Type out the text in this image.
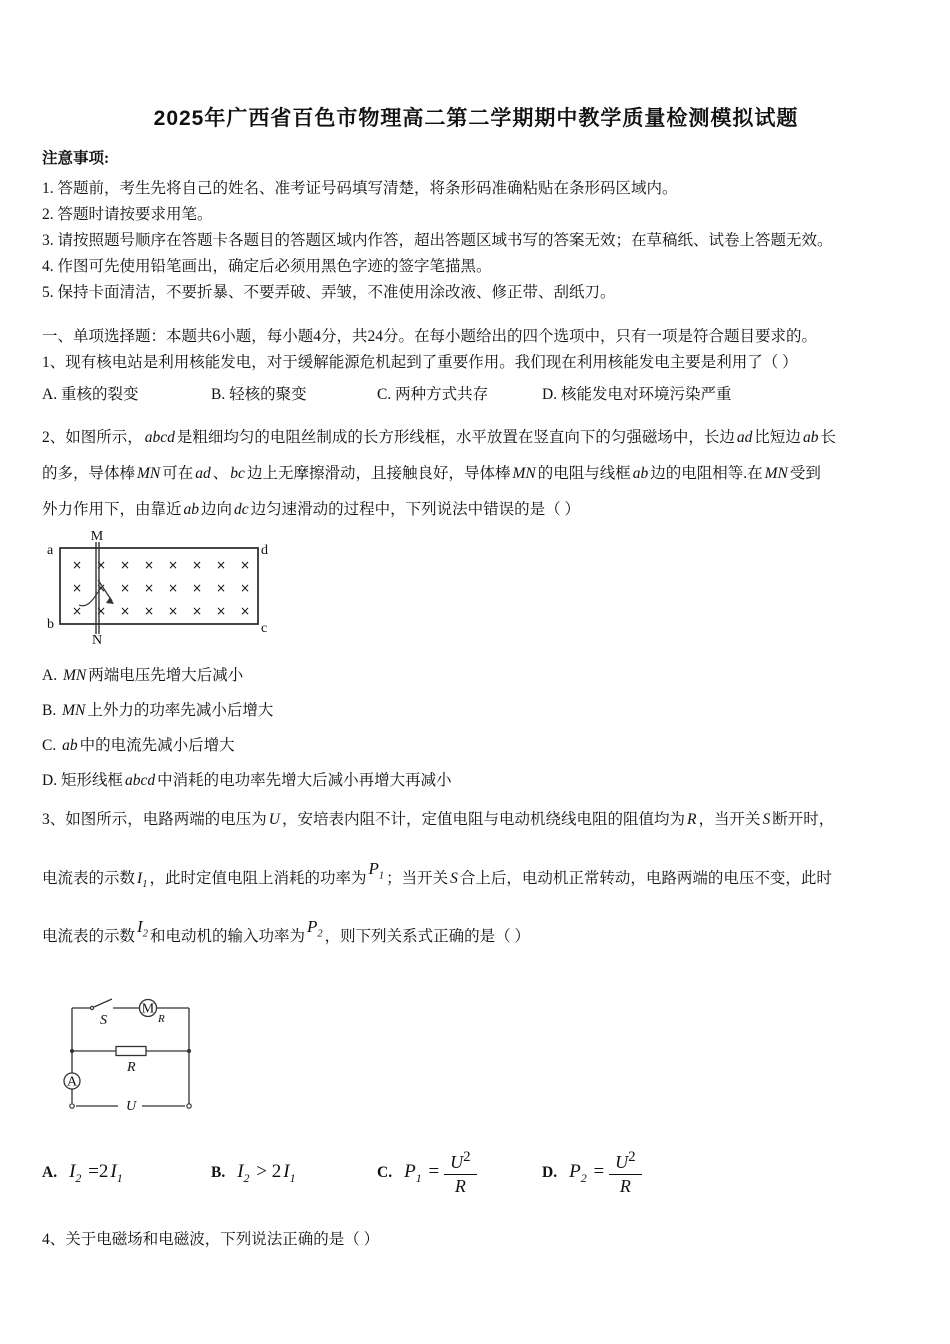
2025年广西省百色市物理高二第二学期期中教学质量检测模拟试题
注意事项:
1. 答题前，考生先将自己的姓名、准考证号码填写清楚，将条形码准确粘贴在条形码区域内。
2. 答题时请按要求用笔。
3. 请按照题号顺序在答题卡各题目的答题区域内作答，超出答题区域书写的答案无效；在草稿纸、试卷上答题无效。
4. 作图可先使用铅笔画出，确定后必须用黑色字迹的签字笔描黑。
5. 保持卡面清洁，不要折暴、不要弄破、弄皱，不准使用涂改液、修正带、刮纸刀。
一、单项选择题：本题共6小题，每小题4分，共24分。在每小题给出的四个选项中，只有一项是符合题目要求的。
1、现有核电站是利用核能发电，对于缓解能源危机起到了重要作用。我们现在利用核能发电主要是利用了（ ）
A. 重核的裂变	B. 轻核的聚变	C. 两种方式共存	D. 核能发电对环境污染严重
2、如图所示， abcd 是粗细均匀的电阻丝制成的长方形线框，水平放置在竖直向下的匀强磁场中，长边 ad 比短边 ab 长
的多，导体棒 MN 可在 ad 、 bc 边上无摩擦滑动，且接触良好，导体棒 MN 的电阻与线框 ab 边的电阻相等.在 MN 受到
外力作用下，由靠近 ab 边向 dc 边匀速滑动的过程中，下列说法中错误的是（ ）
× × × × × × × ×
× × × × × × × ×
× × × × × × × ×
a	d
b	c
M
N
A. MN 两端电压先增大后减小
B. MN 上外力的功率先减小后增大
C. ab 中的电流先减小后增大
D. 矩形线框 abcd 中消耗的电功率先增大后减小再增大再减小
3、如图所示，电路两端的电压为 U ，安培表内阻不计，定值电阻与电动机绕线电阻的阻值均为 R ，当开关 S 断开时，
电流表的示数 $I_1$ ，此时定值电阻上消耗的功率为$P_1$ ；当开关 S 合上后，电动机正常转动，电路两端的电压不变，此时
电流表的示数$I_2$ 和电动机的输入功率为$P_2$ ，则下列关系式正确的是（ ）
M
R
S
R
A
U
A. $I_2 =2$ $I_1$	B. $I_2 > 2$ $I_1$	C. $P_1 = \frac{U^2}{R}$	D. $P_2 = \frac{U^2}{R}$
4、关于电磁场和电磁波，下列说法正确的是（ ）
